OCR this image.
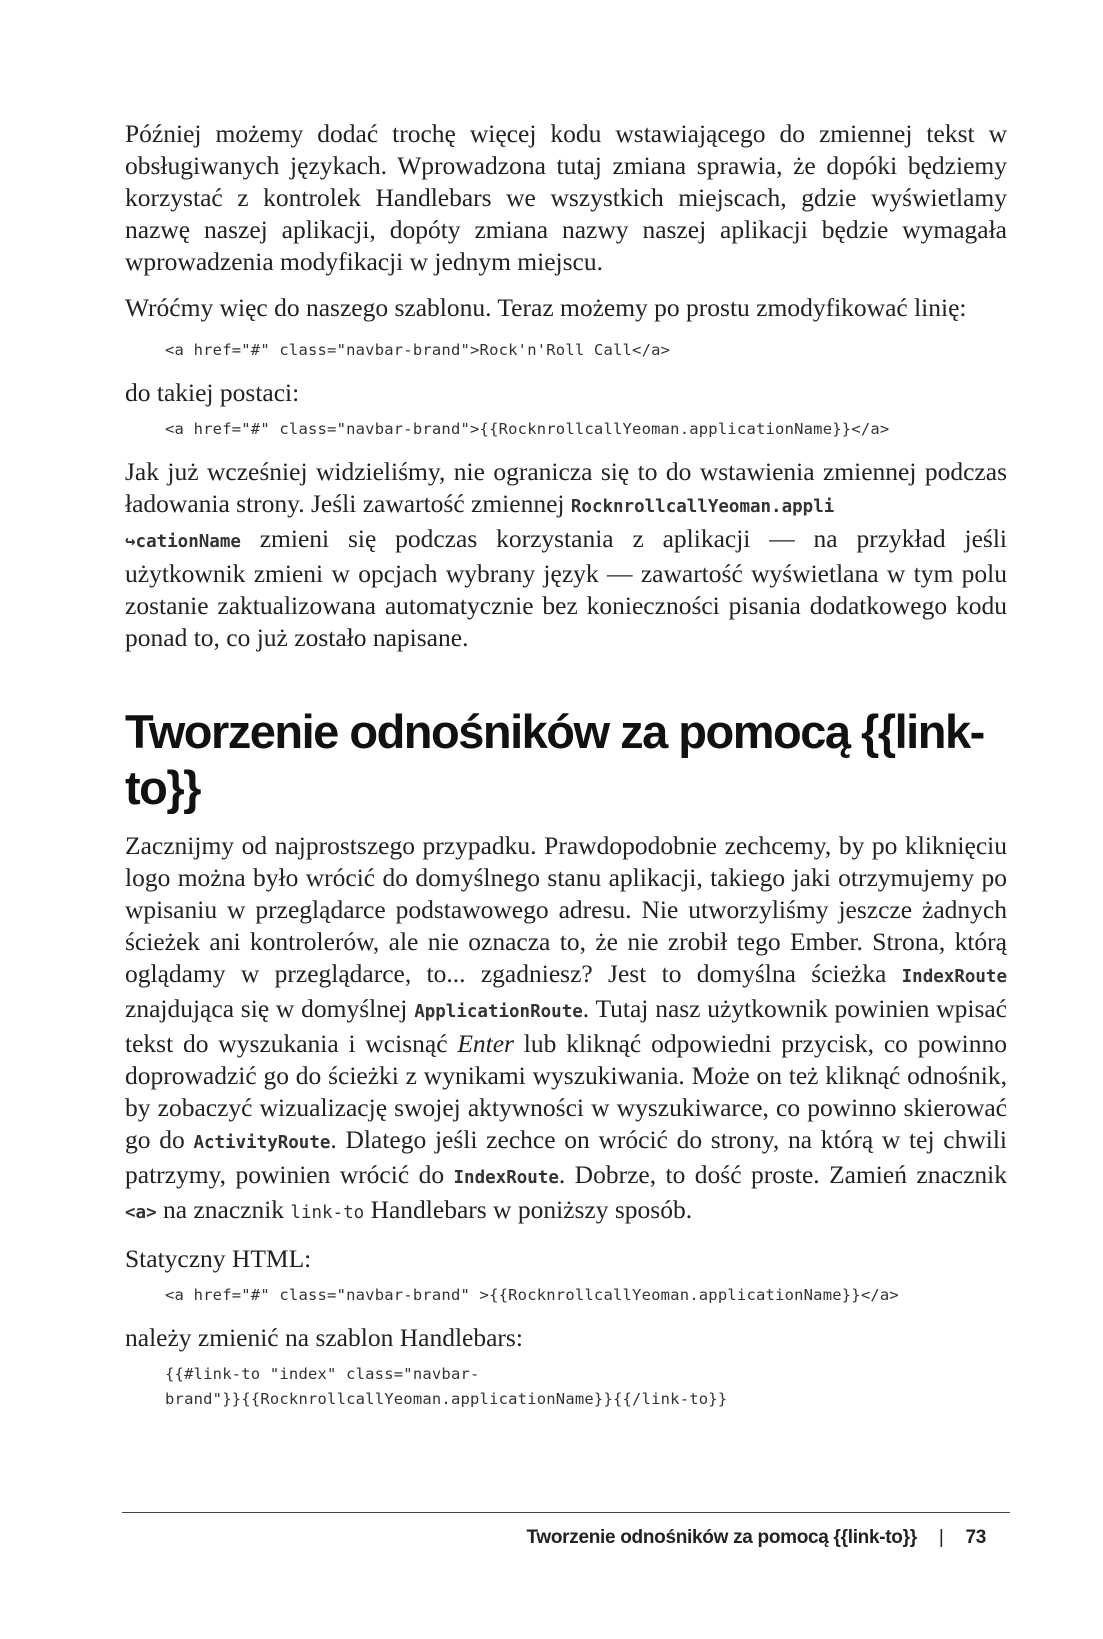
Później możemy dodać trochę więcej kodu wstawiającego do zmiennej tekst w obsługiwanych językach. Wprowadzona tutaj zmiana sprawia, że dopóki będziemy korzystać z kontrolek Handlebars we wszystkich miejscach, gdzie wyświetlamy nazwę naszej aplikacji, dopóty zmiana nazwy naszej aplikacji będzie wymagała wprowadzenia modyfikacji w jednym miejscu.

Wróćmy więc do naszego szablonu. Teraz możemy po prostu zmodyfikować linię:

<a href="#" class="navbar-brand">Rock'n'Roll Call</a>

do takiej postaci:

<a href="#" class="navbar-brand">{{RocknrollcallYeoman.applicationName}}</a>

Jak już wcześniej widzieliśmy, nie ogranicza się to do wstawienia zmiennej podczas ładowania strony. Jeśli zawartość zmiennej RocknrollcallYeoman.appli
↪cationName zmieni się podczas korzystania z aplikacji — na przykład jeśli użytkownik zmieni w opcjach wybrany język — zawartość wyświetlana w tym polu zostanie zaktualizowana automatycznie bez konieczności pisania dodatkowego kodu ponad to, co już zostało napisane.

Tworzenie odnośników za pomocą {{link-to}}

Zacznijmy od najprostszego przypadku. Prawdopodobnie zechcemy, by po kliknięciu logo można było wrócić do domyślnego stanu aplikacji, takiego jaki otrzymujemy po wpisaniu w przeglądarce podstawowego adresu. Nie utworzyliśmy jeszcze żadnych ścieżek ani kontrolerów, ale nie oznacza to, że nie zrobił tego Ember. Strona, którą oglądamy w przeglądarce, to... zgadniesz? Jest to domyślna ścieżka IndexRoute znajdująca się w domyślnej ApplicationRoute. Tutaj nasz użytkownik powinien wpisać tekst do wyszukania i wcisnąć Enter lub kliknąć odpowiedni przycisk, co powinno doprowadzić go do ścieżki z wynikami wyszukiwania. Może on też kliknąć odnośnik, by zobaczyć wizualizację swojej aktywności w wyszukiwarce, co powinno skierować go do ActivityRoute. Dlatego jeśli zechce on wrócić do strony, na którą w tej chwili patrzymy, powinien wrócić do IndexRoute. Dobrze, to dość proste. Zamień znacznik <a> na znacznik link-to Handlebars w poniższy sposób.

Statyczny HTML:

<a href="#" class="navbar-brand" >{{RocknrollcallYeoman.applicationName}}</a>

należy zmienić na szablon Handlebars:

{{#link-to "index" class="navbar-
brand"}}{{RocknrollcallYeoman.applicationName}}{{/link-to}}
Tworzenie odnośników za pomocą {{link-to}} | 73
